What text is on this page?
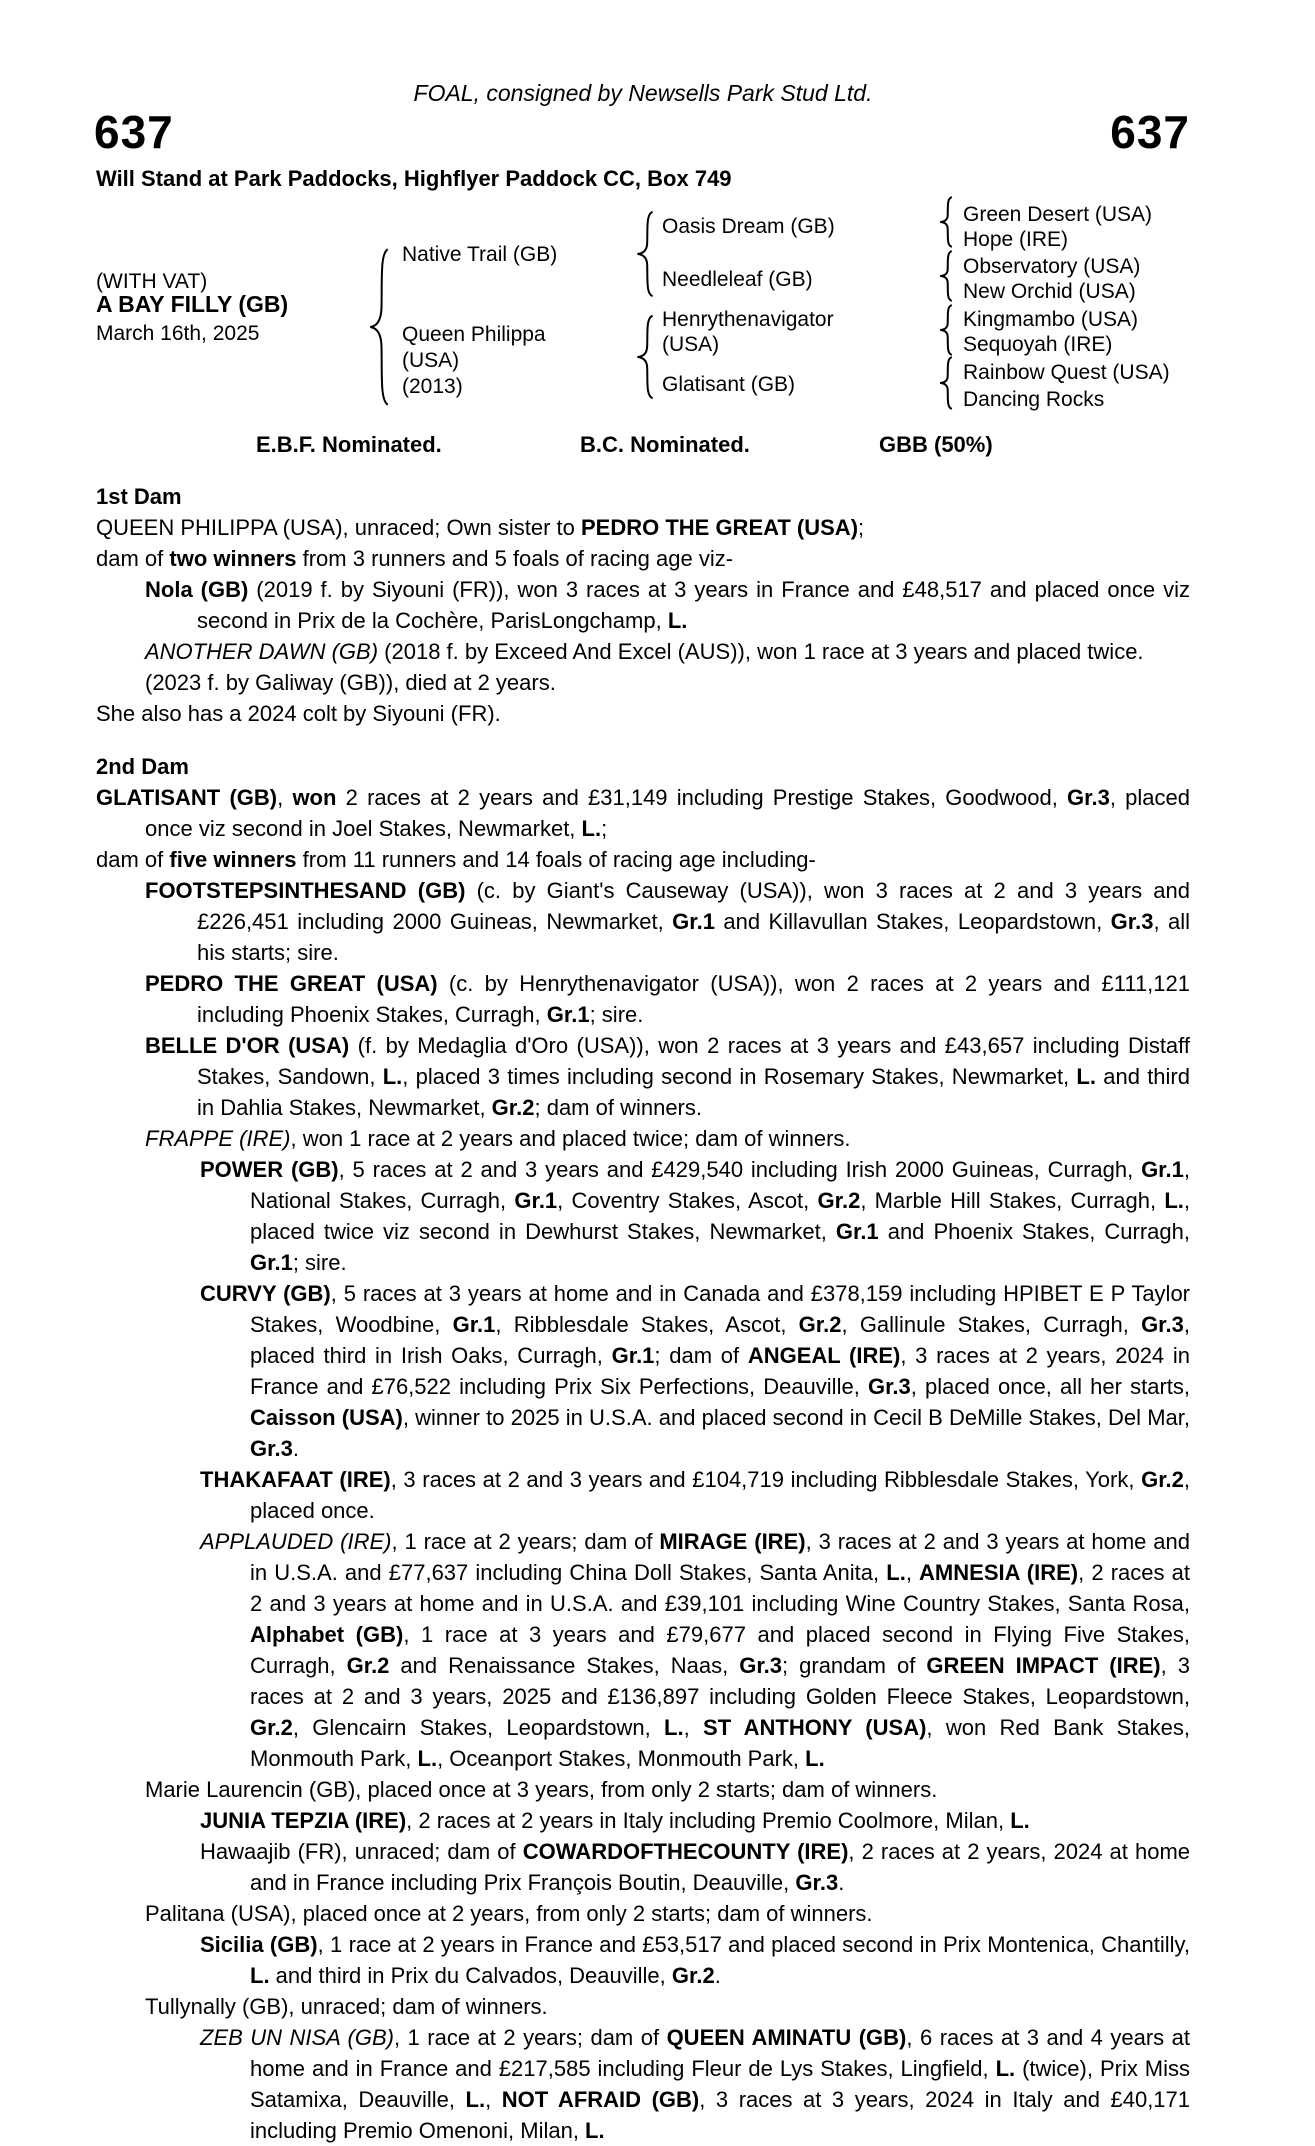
FOAL, consigned by Newsells Park Stud Ltd.
637	637
Will Stand at Park Paddocks, Highflyer Paddock CC, Box 749
(WITH VAT)
A BAY FILLY (GB)
March 16th, 2025
Native Trail (GB)
Queen Philippa
(USA)
(2013)
Oasis Dream (GB)
Needleleaf (GB)
Henrythenavigator
(USA)
Glatisant (GB)
Green Desert (USA)
Hope (IRE)
Observatory (USA)
New Orchid (USA)
Kingmambo (USA)
Sequoyah (IRE)
Rainbow Quest (USA)
Dancing Rocks
E.B.F. Nominated.	B.C. Nominated.	GBB (50%)
1st Dam

QUEEN PHILIPPA (USA), unraced; Own sister to PEDRO THE GREAT (USA);

dam of two winners from 3 runners and 5 foals of racing age viz-

Nola (GB) (2019 f. by Siyouni (FR)), won 3 races at 3 years in France and £48,517 and placed once viz second in Prix de la Cochère, ParisLongchamp, L.

ANOTHER DAWN (GB) (2018 f. by Exceed And Excel (AUS)), won 1 race at 3 years and placed twice.

(2023 f. by Galiway (GB)), died at 2 years.

She also has a 2024 colt by Siyouni (FR).

2nd Dam

GLATISANT (GB), won 2 races at 2 years and £31,149 including Prestige Stakes, Goodwood, Gr.3, placed once viz second in Joel Stakes, Newmarket, L.;

dam of five winners from 11 runners and 14 foals of racing age including-

FOOTSTEPSINTHESAND (GB) (c. by Giant's Causeway (USA)), won 3 races at 2 and 3 years and £226,451 including 2000 Guineas, Newmarket, Gr.1 and Killavullan Stakes, Leopardstown, Gr.3, all his starts; sire.

PEDRO THE GREAT (USA) (c. by Henrythenavigator (USA)), won 2 races at 2 years and £111,121 including Phoenix Stakes, Curragh, Gr.1; sire.

BELLE D'OR (USA) (f. by Medaglia d'Oro (USA)), won 2 races at 3 years and £43,657 including Distaff Stakes, Sandown, L., placed 3 times including second in Rosemary Stakes, Newmarket, L. and third in Dahlia Stakes, Newmarket, Gr.2; dam of winners.

FRAPPE (IRE), won 1 race at 2 years and placed twice; dam of winners.

POWER (GB), 5 races at 2 and 3 years and £429,540 including Irish 2000 Guineas, Curragh, Gr.1, National Stakes, Curragh, Gr.1, Coventry Stakes, Ascot, Gr.2, Marble Hill Stakes, Curragh, L., placed twice viz second in Dewhurst Stakes, Newmarket, Gr.1 and Phoenix Stakes, Curragh, Gr.1; sire.

CURVY (GB), 5 races at 3 years at home and in Canada and £378,159 including HPIBET E P Taylor Stakes, Woodbine, Gr.1, Ribblesdale Stakes, Ascot, Gr.2, Gallinule Stakes, Curragh, Gr.3, placed third in Irish Oaks, Curragh, Gr.1; dam of ANGEAL (IRE), 3 races at 2 years, 2024 in France and £76,522 including Prix Six Perfections, Deauville, Gr.3, placed once, all her starts, Caisson (USA), winner to 2025 in U.S.A. and placed second in Cecil B DeMille Stakes, Del Mar, Gr.3.

THAKAFAAT (IRE), 3 races at 2 and 3 years and £104,719 including Ribblesdale Stakes, York, Gr.2, placed once.

APPLAUDED (IRE), 1 race at 2 years; dam of MIRAGE (IRE), 3 races at 2 and 3 years at home and in U.S.A. and £77,637 including China Doll Stakes, Santa Anita, L., AMNESIA (IRE), 2 races at 2 and 3 years at home and in U.S.A. and £39,101 including Wine Country Stakes, Santa Rosa, Alphabet (GB), 1 race at 3 years and £79,677 and placed second in Flying Five Stakes, Curragh, Gr.2 and Renaissance Stakes, Naas, Gr.3; grandam of GREEN IMPACT (IRE), 3 races at 2 and 3 years, 2025 and £136,897 including Golden Fleece Stakes, Leopardstown, Gr.2, Glencairn Stakes, Leopardstown, L., ST ANTHONY (USA), won Red Bank Stakes, Monmouth Park, L., Oceanport Stakes, Monmouth Park, L.

Marie Laurencin (GB), placed once at 3 years, from only 2 starts; dam of winners.

JUNIA TEPZIA (IRE), 2 races at 2 years in Italy including Premio Coolmore, Milan, L.

Hawaajib (FR), unraced; dam of COWARDOFTHECOUNTY (IRE), 2 races at 2 years, 2024 at home and in France including Prix François Boutin, Deauville, Gr.3.

Palitana (USA), placed once at 2 years, from only 2 starts; dam of winners.

Sicilia (GB), 1 race at 2 years in France and £53,517 and placed second in Prix Montenica, Chantilly, L. and third in Prix du Calvados, Deauville, Gr.2.

Tullynally (GB), unraced; dam of winners.

ZEB UN NISA (GB), 1 race at 2 years; dam of QUEEN AMINATU (GB), 6 races at 3 and 4 years at home and in France and £217,585 including Fleur de Lys Stakes, Lingfield, L. (twice), Prix Miss Satamixa, Deauville, L., NOT AFRAID (GB), 3 races at 3 years, 2024 in Italy and £40,171 including Premio Omenoni, Milan, L.
